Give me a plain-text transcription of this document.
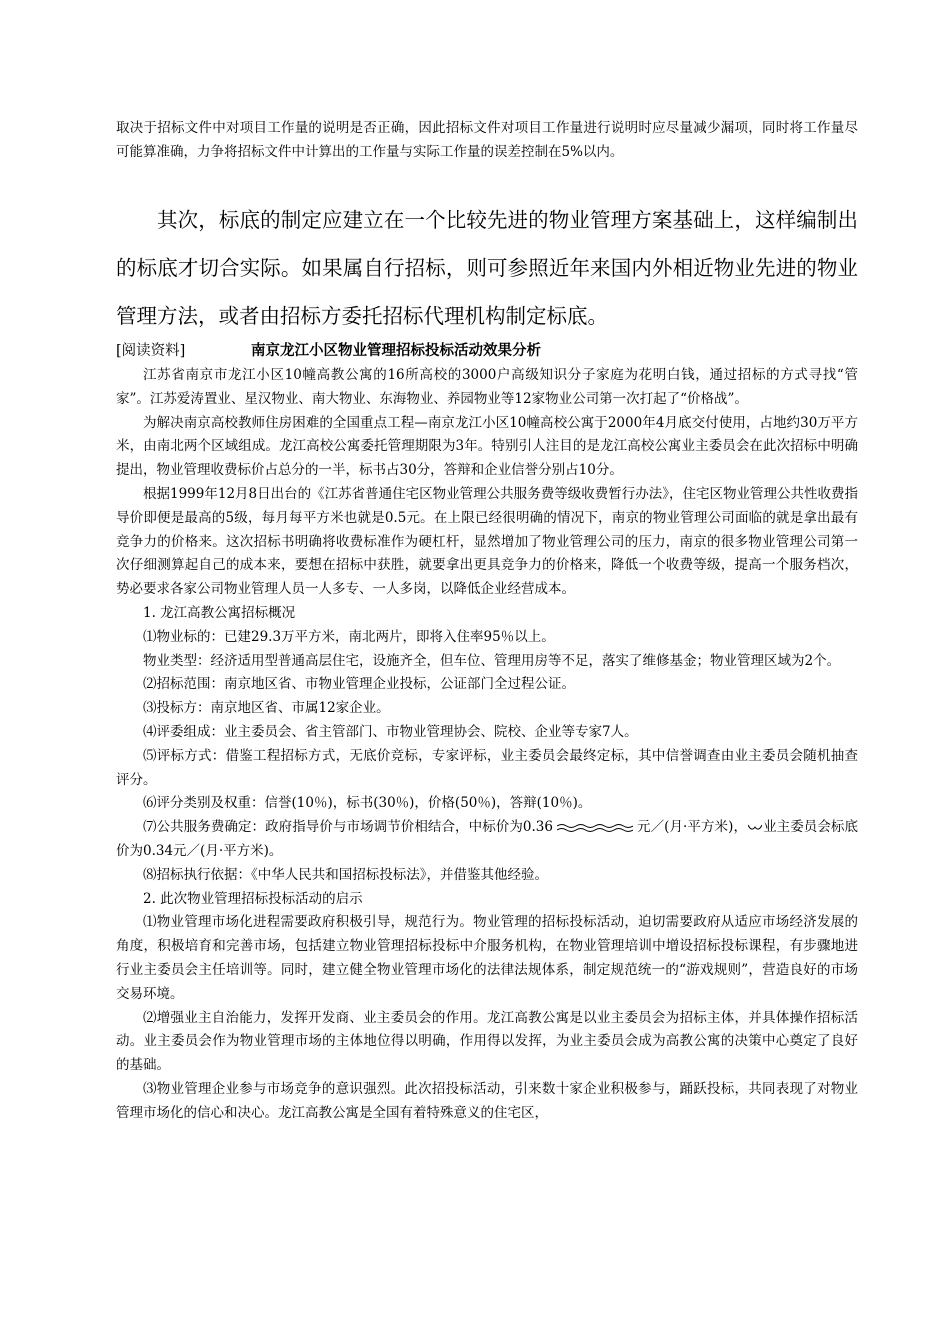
取决于招标文件中对项目工作量的说明是否正确，因此招标文件对项目工作量进行说明时应尽量减少漏项，同时将工作量尽可能算准确，力争将招标文件中计算出的工作量与实际工作量的误差控制在5%以内。

其次，标底的制定应建立在一个比较先进的物业管理方案基础上，这样编制出的标底才切合实际。如果属自行招标，则可参照近年来国内外相近物业先进的物业管理方法，或者由招标方委托招标代理机构制定标底。

[阅读资料]	南京龙江小区物业管理招标投标活动效果分析

江苏省南京市龙江小区10幢高教公寓的16所高校的3000户高级知识分子家庭为花明白钱，通过招标的方式寻找“管家”。江苏爱涛置业、星汉物业、南大物业、东海物业、养园物业等12家物业公司第一次打起了“价格战”。

为解决南京高校教师住房困难的全国重点工程—南京龙江小区10幢高校公寓于2000年4月底交付使用，占地约30万平方米，由南北两个区域组成。龙江高校公寓委托管理期限为3年。特别引人注目的是龙江高校公寓业主委员会在此次招标中明确提出，物业管理收费标价占总分的一半，标书占30分，答辩和企业信誉分别占10分。

根据1999年12月8日出台的《江苏省普通住宅区物业管理公共服务费等级收费暂行办法》，住宅区物业管理公共性收费指导价即便是最高的5级，每月每平方米也就是0.5元。在上限已经很明确的情况下，南京的物业管理公司面临的就是拿出最有竞争力的价格来。这次招标书明确将收费标准作为硬杠杆，显然增加了物业管理公司的压力，南京的很多物业管理公司第一次仔细测算起自己的成本来，要想在招标中获胜，就要拿出更具竞争力的价格来，降低一个收费等级，提高一个服务档次，势必要求各家公司物业管理人员一人多专、一人多岗，以降低企业经营成本。

1. 龙江高教公寓招标概况

⑴物业标的：已建29.3万平方米，南北两片，即将入住率95％以上。

物业类型：经济适用型普通高层住宅，设施齐全，但车位、管理用房等不足，落实了维修基金；物业管理区域为2个。

⑵招标范围：南京地区省、市物业管理企业投标，公证部门全过程公证。

⑶投标方：南京地区省、市属12家企业。

⑷评委组成：业主委员会、省主管部门、市物业管理协会、院校、企业等专家7人。

⑸评标方式：借鉴工程招标方式，无底价竞标，专家评标，业主委员会最终定标，其中信誉调查由业主委员会随机抽查评分。

⑹评分类别及权重：信誉(10％)，标书(30％)，价格(50％)，答辩(10％)。

⑺公共服务费确定：政府指导价与市场调节价相结合，中标价为0.36	元／(月·平方米)， 业主委员会标底价为0.34元／(月·平方米)。

⑻招标执行依据：《中华人民共和国招标投标法》，并借鉴其他经验。

2. 此次物业管理招标投标活动的启示

⑴物业管理市场化进程需要政府积极引导，规范行为。物业管理的招标投标活动，迫切需要政府从适应市场经济发展的角度，积极培育和完善市场，包括建立物业管理招标投标中介服务机构，在物业管理培训中增设招标投标课程，有步骤地进行业主委员会主任培训等。同时，建立健全物业管理市场化的法律法规体系，制定规范统一的“游戏规则”，营造良好的市场交易环境。

⑵增强业主自治能力，发挥开发商、业主委员会的作用。龙江高教公寓是以业主委员会为招标主体，并具体操作招标活动。业主委员会作为物业管理市场的主体地位得以明确，作用得以发挥，为业主委员会成为高教公寓的决策中心奠定了良好的基础。

⑶物业管理企业参与市场竞争的意识强烈。此次招投标活动，引来数十家企业积极参与，踊跃投标，共同表现了对物业管理市场化的信心和决心。龙江高教公寓是全国有着特殊意义的住宅区，
